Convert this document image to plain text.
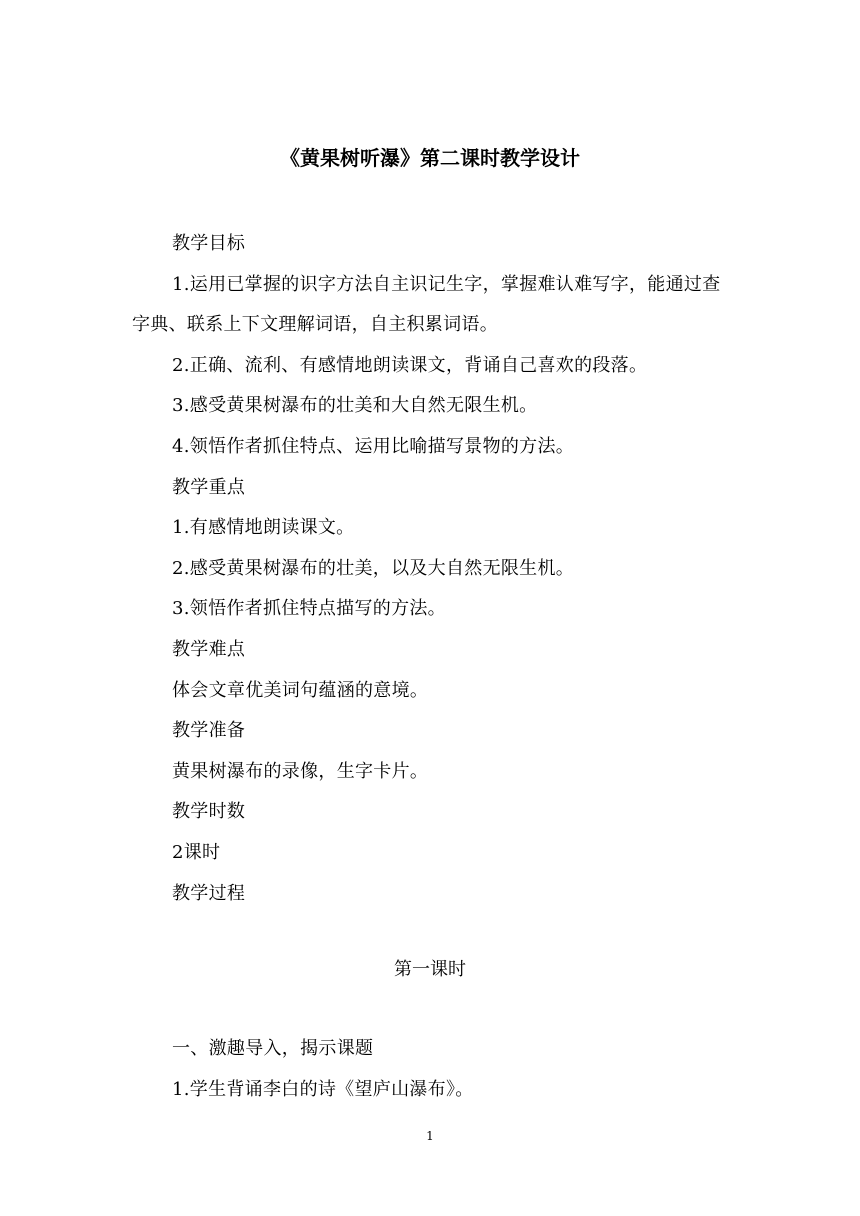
《黄果树听瀑》第二课时教学设计

教学目标

1.运用已掌握的识字方法自主识记生字，掌握难认难写字，能通过查字典、联系上下文理解词语，自主积累词语。

2.正确、流利、有感情地朗读课文，背诵自己喜欢的段落。

3.感受黄果树瀑布的壮美和大自然无限生机。

4.领悟作者抓住特点、运用比喻描写景物的方法。

教学重点

1.有感情地朗读课文。

2.感受黄果树瀑布的壮美，以及大自然无限生机。

3.领悟作者抓住特点描写的方法。

教学难点

体会文章优美词句蕴涵的意境。

教学准备

黄果树瀑布的录像，生字卡片。

教学时数

2课时

教学过程

第一课时

一、激趣导入，揭示课题

1.学生背诵李白的诗《望庐山瀑布》。

1
